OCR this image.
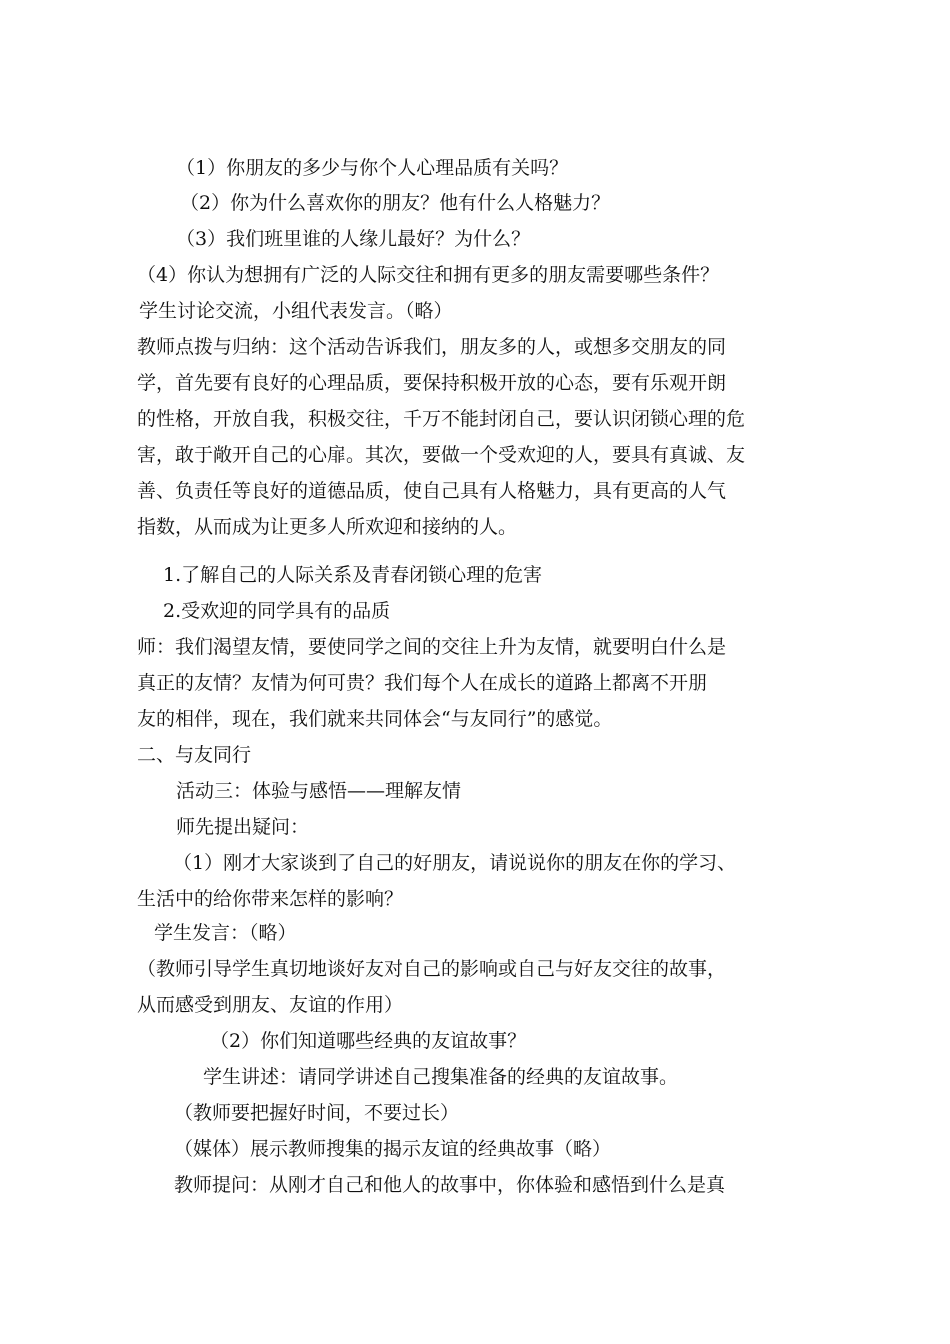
（1）你朋友的多少与你个人心理品质有关吗？
（2）你为什么喜欢你的朋友？他有什么人格魅力？
（3）我们班里谁的人缘儿最好？为什么？
（4）你认为想拥有广泛的人际交往和拥有更多的朋友需要哪些条件？
学生讨论交流，小组代表发言。（略）
教师点拨与归纳：这个活动告诉我们，朋友多的人，或想多交朋友的同
学，首先要有良好的心理品质，要保持积极开放的心态，要有乐观开朗
的性格，开放自我，积极交往，千万不能封闭自己，要认识闭锁心理的危
害，敢于敞开自己的心扉。其次，要做一个受欢迎的人，要具有真诚、友
善、负责任等良好的道德品质，使自己具有人格魅力，具有更高的人气
指数，从而成为让更多人所欢迎和接纳的人。
1.了解自己的人际关系及青春闭锁心理的危害
2.受欢迎的同学具有的品质
师：我们渴望友情，要使同学之间的交往上升为友情，就要明白什么是
真正的友情？友情为何可贵？我们每个人在成长的道路上都离不开朋
友的相伴，现在，我们就来共同体会“与友同行”的感觉。
二、与友同行
活动三：体验与感悟——理解友情
师先提出疑问：
（1）刚才大家谈到了自己的好朋友，请说说你的朋友在你的学习、
生活中的给你带来怎样的影响？
学生发言：（略）
（教师引导学生真切地谈好友对自己的影响或自己与好友交往的故事，
从而感受到朋友、友谊的作用）
（2）你们知道哪些经典的友谊故事？
学生讲述：请同学讲述自己搜集准备的经典的友谊故事。
（教师要把握好时间，不要过长）
（媒体）展示教师搜集的揭示友谊的经典故事（略）
教师提问：从刚才自己和他人的故事中，你体验和感悟到什么是真
